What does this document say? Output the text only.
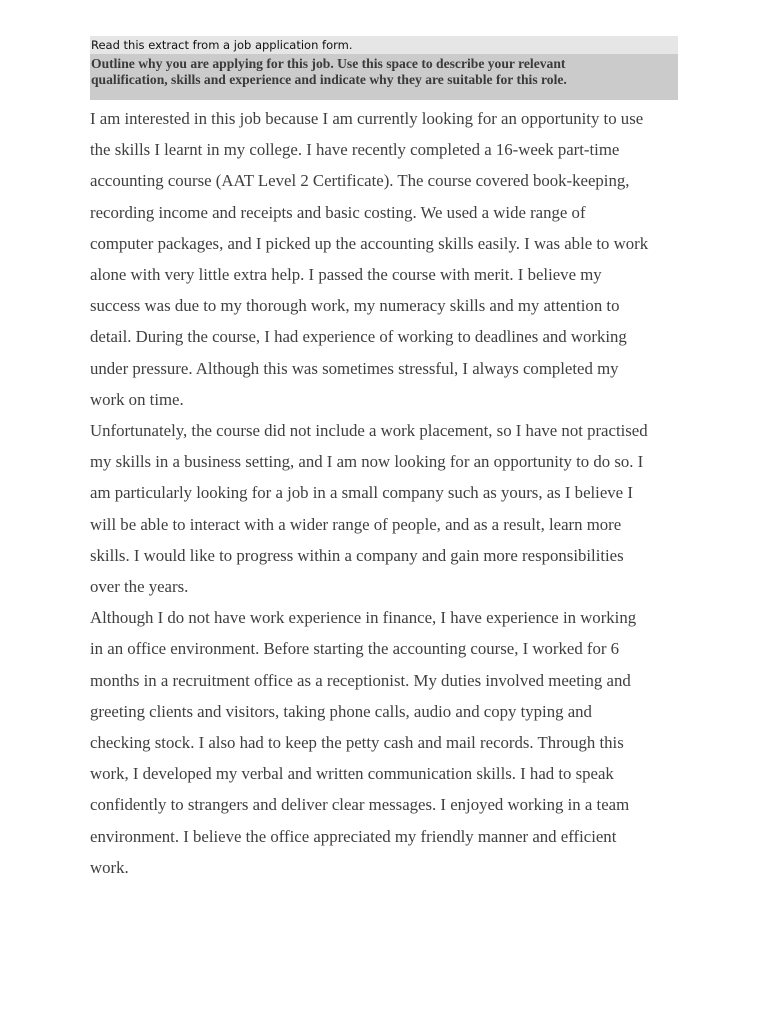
Read this extract from a job application form.
Outline why you are applying for this job. Use this space to describe your relevant
qualification, skills and experience and indicate why they are suitable for this role.
I am interested in this job because I am currently looking for an opportunity to use
the skills I learnt in my college. I have recently completed a 16-week part-time
accounting course (AAT Level 2 Certificate). The course covered book-keeping,
recording income and receipts and basic costing. We used a wide range of
computer packages, and I picked up the accounting skills easily. I was able to work
alone with very little extra help. I passed the course with merit. I believe my
success was due to my thorough work, my numeracy skills and my attention to
detail. During the course, I had experience of working to deadlines and working
under pressure. Although this was sometimes stressful, I always completed my
work on time.
Unfortunately, the course did not include a work placement, so I have not practised
my skills in a business setting, and I am now looking for an opportunity to do so. I
am particularly looking for a job in a small company such as yours, as I believe I
will be able to interact with a wider range of people, and as a result, learn more
skills. I would like to progress within a company and gain more responsibilities
over the years.
Although I do not have work experience in finance, I have experience in working
in an office environment. Before starting the accounting course, I worked for 6
months in a recruitment office as a receptionist. My duties involved meeting and
greeting clients and visitors, taking phone calls, audio and copy typing and
checking stock. I also had to keep the petty cash and mail records. Through this
work, I developed my verbal and written communication skills. I had to speak
confidently to strangers and deliver clear messages. I enjoyed working in a team
environment. I believe the office appreciated my friendly manner and efficient
work.
